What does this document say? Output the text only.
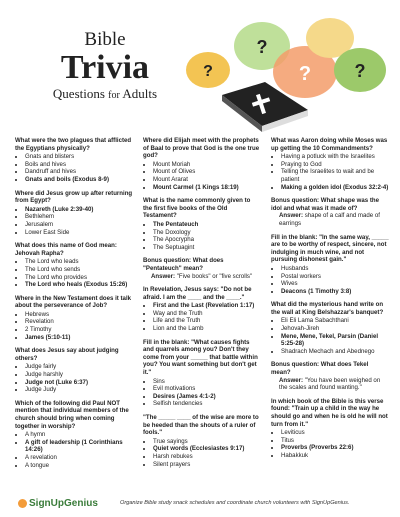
Bible
Trivia
Questions for Adults
?
?
? ?
What were the two plagues that afflicted the Egyptians physically?
• Gnats and blisters
• Boils and hives
• Dandruff and hives
• Gnats and boils (Exodus 8-9)
Where did Jesus grow up after returning from Egypt?
• Nazareth (Luke 2:39-40)
• Bethlehem
• Jerusalem
• Lower East Side
What does this name of God mean: Jehovah Rapha?
• The Lord who leads
• The Lord who sends
• The Lord who provides
• The Lord who heals (Exodus 15:26)
Where in the New Testament does it talk about the perseverance of Job?
• Hebrews
• Revelation
• 2 Timothy
• James (5:10-11)
What does Jesus say about judging others?
• Judge fairly
• Judge harshly
• Judge not (Luke 6:37)
• Judge Judy
Which of the following did Paul NOT mention that individual members of the church should bring when coming together in worship?
• A hymn
• A gift of leadership (1 Corinthians 14:26)
• A revelation
• A tongue
Where did Elijah meet with the prophets of Baal to prove that God is the one true god?
• Mount Moriah
• Mount of Olives
• Mount Ararat
• Mount Carmel (1 Kings 18:19)
What is the name commonly given to the first five books of the Old Testament?
• The Pentateuch
• The Doxology
• The Apocrypha
• The Septuagint
Bonus question: What does "Pentateuch" mean?
Answer: "Five books" or "five scrolls"
In Revelation, Jesus says: "Do not be afraid. I am the ____ and the ____."
• First and the Last (Revelation 1:17)
• Way and the Truth
• Life and the Truth
• Lion and the Lamb
Fill in the blank: "What causes fights and quarrels among you? Don't they come from your _____ that battle within you? You want something but don't get it."
• Sins
• Evil motivations
• Desires (James 4:1-2)
• Selfish tendencies
"The _____ ____ of the wise are more to be heeded than the shouts of a ruler of fools."
• True sayings
• Quiet words (Ecclesiastes 9:17)
• Harsh rebukes
• Silent prayers
What was Aaron doing while Moses was up getting the 10 Commandments?
• Having a potluck with the Israelites
• Praying to God
• Telling the Israelites to wait and be patient
• Making a golden idol (Exodus 32:2-4)
Bonus question: What shape was the idol and what was it made of?
Answer: shape of a calf and made of earrings
Fill in the blank: "In the same way, _____ are to be worthy of respect, sincere, not indulging in much wine, and not pursuing dishonest gain."
• Husbands
• Postal workers
• Wives
• Deacons (1 Timothy 3:8)
What did the mysterious hand write on the wall at King Belshazzar's banquet?
• Eli Eli Lama Sabachthani
• Jehovah-Jireh
• Mene, Mene, Tekel, Parsin (Daniel 5:25-28)
• Shadrach Mechach and Abednego
Bonus question: What does Tekel mean?
Answer: "You have been weighed on the scales and found wanting."
In which book of the Bible is this verse found: "Train up a child in the way he should go and when he is old he will not turn from it."
• Leviticus
• Titus
• Proverbs (Proverbs 22:6)
• Habakkuk
SignUpGenius	Organize Bible study snack schedules and coordinate church volunteers with SignUpGenius.
